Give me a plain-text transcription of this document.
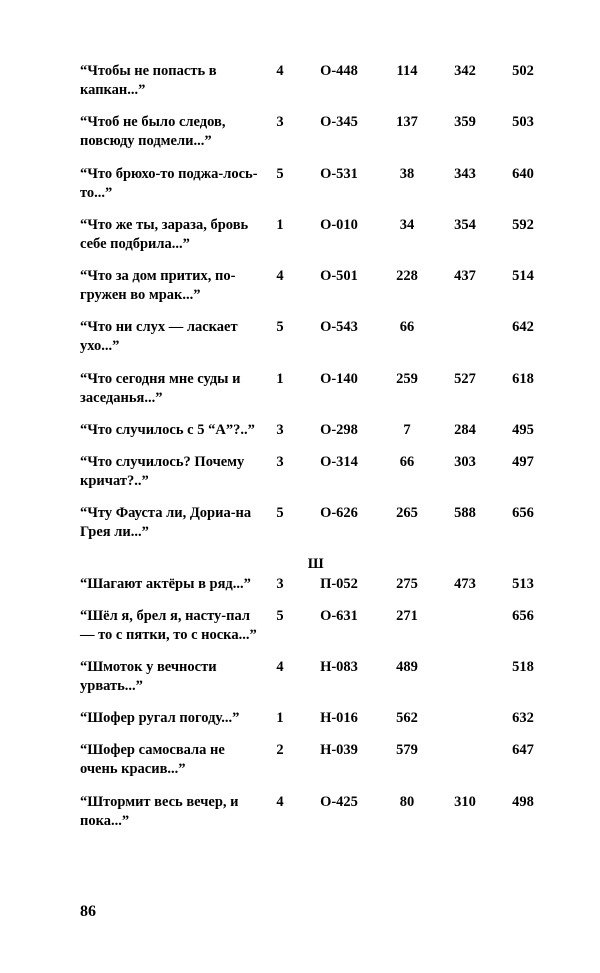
“Чтобы не попасть в капкан...”	4	О-448	114	342	502
“Чтоб не было следов, повсюду подмели...”	3	О-345	137	359	503
“Что брюхо-то поджа-лось-то...”	5	О-531	38	343	640
“Что же ты, зараза, бровь себе подбрила...”	1	О-010	34	354	592
“Что за дом притих, по-гружен во мрак...”	4	О-501	228	437	514
“Что ни слух — ласкает ухо...”	5	О-543	66		642
“Что сегодня мне суды и заседанья...”	1	О-140	259	527	618
“Что случилось с 5 “А”?..”	3	О-298	7	284	495
“Что случилось? Почему кричат?..”	3	О-314	66	303	497
“Чту Фауста ли, Дориа-на Грея ли...”	5	О-626	265	588	656
Ш					
“Шагают актёры в ряд...”	3	П-052	275	473	513
“Шёл я, брел я, насту-пал — то с пятки, то с носка...”	5	О-631	271		656
“Шмоток у вечности урвать...”	4	Н-083	489		518
“Шофер ругал погоду...”	1	Н-016	562		632
“Шофер самосвала не очень красив...”	2	Н-039	579		647
“Штормит весь вечер, и пока...”	4	О-425	80	310	498
86
